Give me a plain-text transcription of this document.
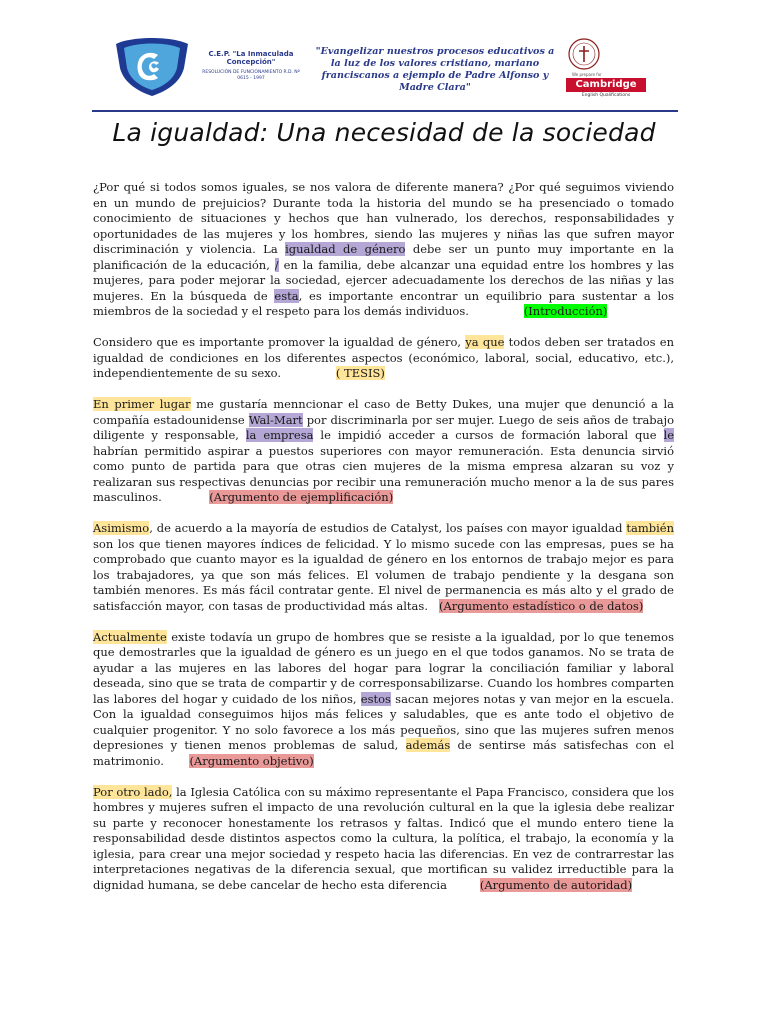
C.E.P. "La Inmaculada Concepción"
RESOLUCIÓN DE FUNCIONAMIENTO R.D. Nº 0615 - 1997
"Evangelizar nuestros procesos educativos a la luz de los valores cristiano, mariano franciscanos a ejemplo de Padre Alfonso y Madre Clara"
We prepare for
Cambridge
English Qualifications
La igualdad: Una necesidad de la sociedad

¿Por qué si todos somos iguales, se nos valora de diferente manera? ¿Por qué seguimos viviendo en un mundo de prejuicios? Durante toda la historia del mundo se ha presenciado o tomado conocimiento de situaciones y hechos que han vulnerado, los derechos, responsabilidades y oportunidades de las mujeres y los hombres, siendo las mujeres y niñas las que sufren mayor discriminación y violencia. La igualdad de género debe ser un punto muy importante en la planificación de la educación, / en la familia, debe alcanzar una equidad entre los hombres y las mujeres, para poder mejorar la sociedad, ejercer adecuadamente los derechos de las niñas y las mujeres. En la búsqueda de esta, es importante encontrar un equilibrio para sustentar a los miembros de la sociedad y el respeto para los demás individuos.               (Introducción)

Considero que es importante promover la igualdad de género, ya que todos deben ser tratados en igualdad de condiciones en los diferentes aspectos (económico, laboral, social, educativo, etc.), independientemente de su sexo.               ( TESIS)

En primer lugar me gustaría menncionar el caso de Betty Dukes, una mujer que denunció a la compañía estadounidense Wal-Mart por discriminarla por ser mujer. Luego de seis años de trabajo diligente y responsable, la empresa le impidió acceder a cursos de formación laboral que le habrían permitido aspirar a puestos superiores con mayor remuneración. Esta denuncia sirvió como punto de partida para que otras cien mujeres de la misma empresa alzaran su voz y realizaran sus respectivas denuncias por recibir una remuneración mucho menor a la de sus pares masculinos.             (Argumento de ejemplificación)

Asimismo, de acuerdo a la mayoría de estudios de Catalyst, los países con mayor igualdad también son los que tienen mayores índices de felicidad. Y lo mismo sucede con las empresas, pues se ha comprobado que cuanto mayor es la igualdad de género en los entornos de trabajo mejor es para los trabajadores, ya que son más felices. El volumen de trabajo pendiente y la desgana son también menores. Es más fácil contratar gente. El nivel de permanencia es más alto y el grado de satisfacción mayor, con tasas de productividad más altas.   (Argumento estadístico o de datos)

Actualmente existe todavía un grupo de hombres que se resiste a la igualdad, por lo que tenemos que demostrarles que la igualdad de género es un juego en el que todos ganamos. No se trata de ayudar a las mujeres en las labores del hogar para lograr la conciliación familiar y laboral deseada, sino que se trata de compartir y de corresponsabilizarse. Cuando los hombres comparten las labores del hogar y cuidado de los niños, estos sacan mejores notas y van mejor en la escuela. Con la igualdad conseguimos hijos más felices y saludables, que es ante todo el objetivo de cualquier progenitor. Y no solo favorece a los más pequeños, sino que las mujeres sufren menos depresiones y tienen menos problemas de salud, además de sentirse más satisfechas con el matrimonio.       (Argumento objetivo)

Por otro lado, la Iglesia Católica con su máximo representante el Papa Francisco, considera que los hombres y mujeres sufren el impacto de una revolución cultural en la que la iglesia debe realizar su parte y reconocer honestamente los retrasos y faltas. Indicó que el mundo entero tiene la responsabilidad desde distintos aspectos como la cultura, la política, el trabajo, la economía y la iglesia, para crear una mejor sociedad y respeto hacia las diferencias. En vez de contrarrestar las interpretaciones negativas de la diferencia sexual, que mortifican su validez irreductible para la dignidad humana, se debe cancelar de hecho esta diferencia         (Argumento de autoridad)
